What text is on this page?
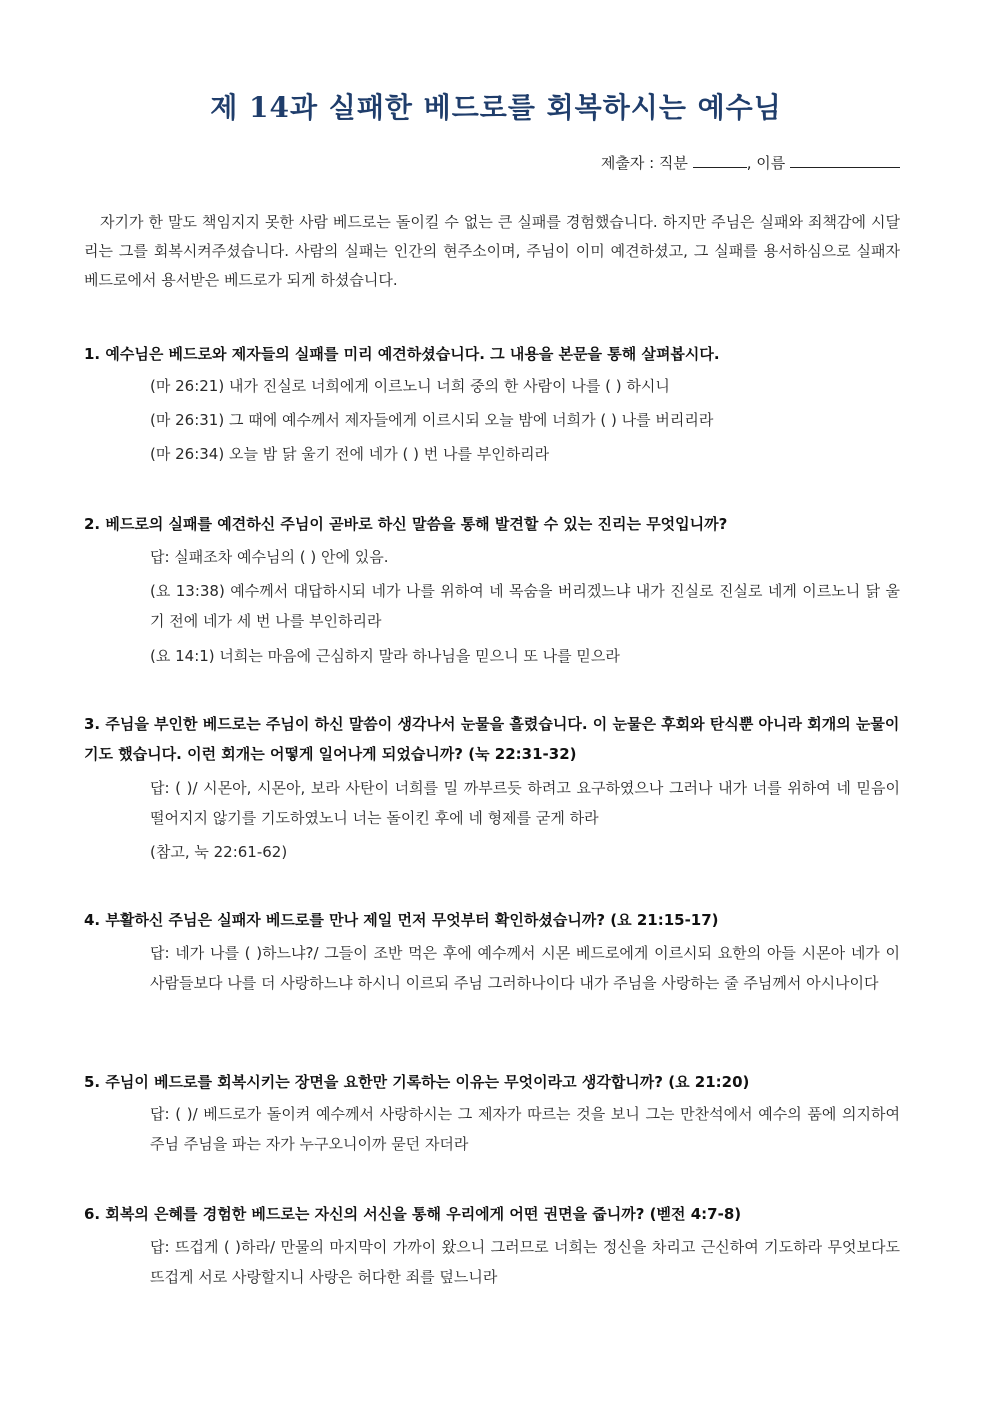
제 14과 실패한 베드로를 회복하시는 예수님
제출자 : 직분	, 이름
자기가 한 말도 책임지지 못한 사람 베드로는 돌이킬 수 없는 큰 실패를 경험했습니다. 하지만 주님은 실패와 죄책감에 시달리는 그를 회복시켜주셨습니다. 사람의 실패는 인간의 현주소이며, 주님이 이미 예견하셨고, 그 실패를 용서하심으로 실패자 베드로에서 용서받은 베드로가 되게 하셨습니다.
1. 예수님은 베드로와 제자들의 실패를 미리 예견하셨습니다. 그 내용을 본문을 통해 살펴봅시다.
(마 26:21) 내가 진실로 너희에게 이르노니 너희 중의 한 사람이 나를 ( ) 하시니
(마 26:31) 그 때에 예수께서 제자들에게 이르시되 오늘 밤에 너희가 ( ) 나를 버리리라
(마 26:34) 오늘 밤 닭 울기 전에 네가 ( ) 번 나를 부인하리라
2. 베드로의 실패를 예견하신 주님이 곧바로 하신 말씀을 통해 발견할 수 있는 진리는 무엇입니까?
답: 실패조차 예수님의 ( ) 안에 있음.
(요 13:38) 예수께서 대답하시되 네가 나를 위하여 네 목숨을 버리겠느냐 내가 진실로 진실로 네게 이르노니 닭 울기 전에 네가 세 번 나를 부인하리라
(요 14:1) 너희는 마음에 근심하지 말라 하나님을 믿으니 또 나를 믿으라
3. 주님을 부인한 베드로는 주님이 하신 말씀이 생각나서 눈물을 흘렸습니다. 이 눈물은 후회와 탄식뿐 아니라 회개의 눈물이기도 했습니다. 이런 회개는 어떻게 일어나게 되었습니까? (눅 22:31-32)
답: ( )/ 시몬아, 시몬아, 보라 사탄이 너희를 밀 까부르듯 하려고 요구하였으나 그러나 내가 너를 위하여 네 믿음이 떨어지지 않기를 기도하였노니 너는 돌이킨 후에 네 형제를 굳게 하라
(참고, 눅 22:61-62)
4. 부활하신 주님은 실패자 베드로를 만나 제일 먼저 무엇부터 확인하셨습니까? (요 21:15-17)
답: 네가 나를 ( )하느냐?/ 그들이 조반 먹은 후에 예수께서 시몬 베드로에게 이르시되 요한의 아들 시몬아 네가 이 사람들보다 나를 더 사랑하느냐 하시니 이르되 주님 그러하나이다 내가 주님을 사랑하는 줄 주님께서 아시나이다
5. 주님이 베드로를 회복시키는 장면을 요한만 기록하는 이유는 무엇이라고 생각합니까? (요 21:20)
답: ( )/ 베드로가 돌이켜 예수께서 사랑하시는 그 제자가 따르는 것을 보니 그는 만찬석에서 예수의 품에 의지하여 주님 주님을 파는 자가 누구오니이까 묻던 자더라
6. 회복의 은혜를 경험한 베드로는 자신의 서신을 통해 우리에게 어떤 권면을 줍니까? (벧전 4:7-8)
답: 뜨겁게 ( )하라/ 만물의 마지막이 가까이 왔으니 그러므로 너희는 정신을 차리고 근신하여 기도하라 무엇보다도 뜨겁게 서로 사랑할지니 사랑은 허다한 죄를 덮느니라
